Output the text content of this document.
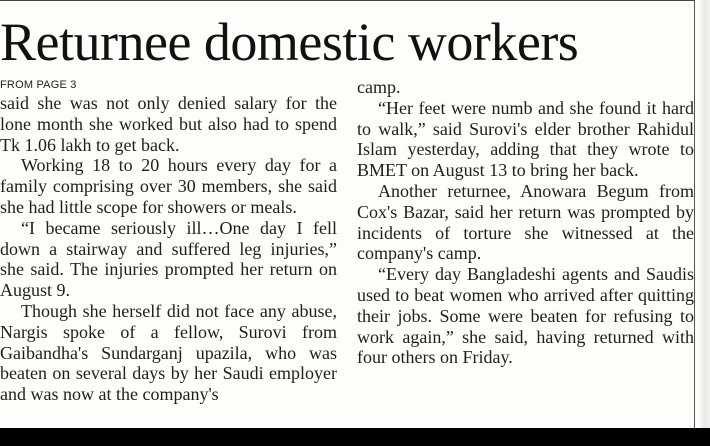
Returnee domestic workers
FROM PAGE 3

said she was not only denied salary for the lone month she worked but also had to spend Tk 1.06 lakh to get back.

Working 18 to 20 hours every day for a family comprising over 30 members, she said she had little scope for showers or meals.

“I became seriously ill…One day I fell down a stairway and suffered leg injuries,” she said. The injuries prompted her return on August 9.

Though she herself did not face any abuse, Nargis spoke of a fellow, Surovi from Gaibandha's Sundarganj upazila, who was beaten on several days by her Saudi employer and was now at the company's

camp.

“Her feet were numb and she found it hard to walk,” said Surovi's elder brother Rahidul Islam yesterday, adding that they wrote to BMET on August 13 to bring her back.

Another returnee, Anowara Begum from Cox's Bazar, said her return was prompted by incidents of torture she witnessed at the company's camp.

“Every day Bangladeshi agents and Saudis used to beat women who arrived after quitting their jobs. Some were beaten for refusing to work again,” she said, having returned with four others on Friday.
